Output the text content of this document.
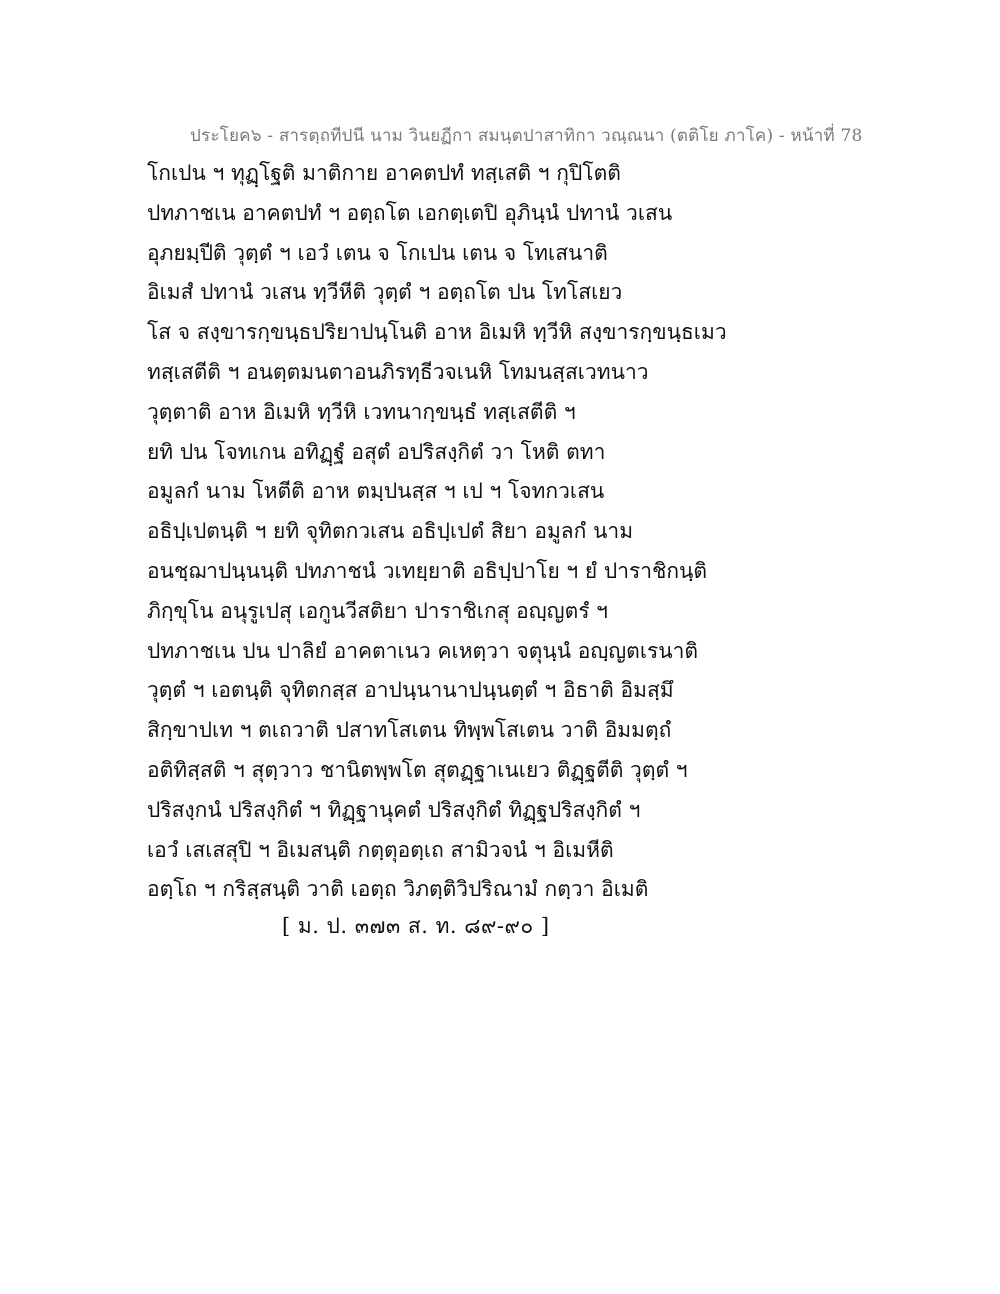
ประโยค๖ - สารตฺถทีปนี นาม วินยฏีกา สมนฺตปาสาทิกา วณฺณนา (ตติโย ภาโค) - หน้าที่ 78
โกเปน ฯ ทุฏฺโฐติ มาติกาย อาคตปทํ ทสฺเสติ ฯ กุปิโตติ
ปทภาชเน อาคตปทํ ฯ อตฺถโต เอกตฺเตปิ อุภินฺนํ ปทานํ วเสน
อุภยมฺปีติ วุตฺตํ ฯ เอวํ เตน จ โกเปน เตน จ โทเสนาติ
อิเมสํ ปทานํ วเสน ทฺวีหีติ วุตฺตํ ฯ อตฺถโต ปน โทโสเยว
โส จ สงฺขารกฺขนฺธปริยาปนฺโนติ อาห อิเมหิ ทฺวีหิ สงฺขารกฺขนฺธเมว
ทสฺเสตีติ ฯ อนตฺตมนตาอนภิรทฺธีวจเนหิ โทมนสฺสเวทนาว
วุตฺตาติ อาห อิเมหิ ทฺวีหิ เวทนากฺขนฺธํ ทสฺเสตีติ ฯ
ยทิ ปน โจทเกน อทิฏฺฐํ อสุตํ อปริสงฺกิตํ วา โหติ ตทา
อมูลกํ นาม โหตีติ อาห ตมฺปนสฺส ฯ เป ฯ โจทกวเสน
อธิปฺเปตนฺติ ฯ ยทิ จุทิตกวเสน อธิปฺเปตํ สิยา อมูลกํ นาม
อนชฺฌาปนฺนนฺติ ปทภาชนํ วเทยฺยาติ อธิปฺปาโย ฯ ยํ ปาราชิกนฺติ
ภิกฺขุโน อนุรูเปสุ เอกูนวีสติยา ปาราชิเกสุ อญฺญตรํ ฯ
ปทภาชเน ปน ปาลิยํ อาคตาเนว คเหตฺวา จตุนฺนํ อญฺญตเรนาติ
วุตฺตํ ฯ เอตนฺติ จุทิตกสฺส อาปนฺนานาปนฺนตฺตํ ฯ อิธาติ อิมสฺมึ
สิกฺขาปเท ฯ ตเถวาติ ปสาทโสเตน ทิพฺพโสเตน วาติ อิมมตฺถํ
อติทิสฺสติ ฯ สุตฺวาว ชานิตพฺพโต สุตฏฺฐาเนเยว ติฏฺฐตีติ วุตฺตํ ฯ
ปริสงฺกนํ ปริสงฺกิตํ ฯ ทิฏฺฐานุคตํ ปริสงฺกิตํ ทิฏฺฐปริสงฺกิตํ ฯ
เอวํ เสเสสุปิ ฯ อิเมสนฺติ กตฺตุอตฺเถ สามิวจนํ ฯ อิเมหีติ
อตฺโถ ฯ กริสฺสนฺติ วาติ เอตฺถ วิภตฺติวิปริณามํ กตฺวา อิเมติ
[ ม. ป. ๓๗๓ ส. ท. ๘๙-๙๐ ]
